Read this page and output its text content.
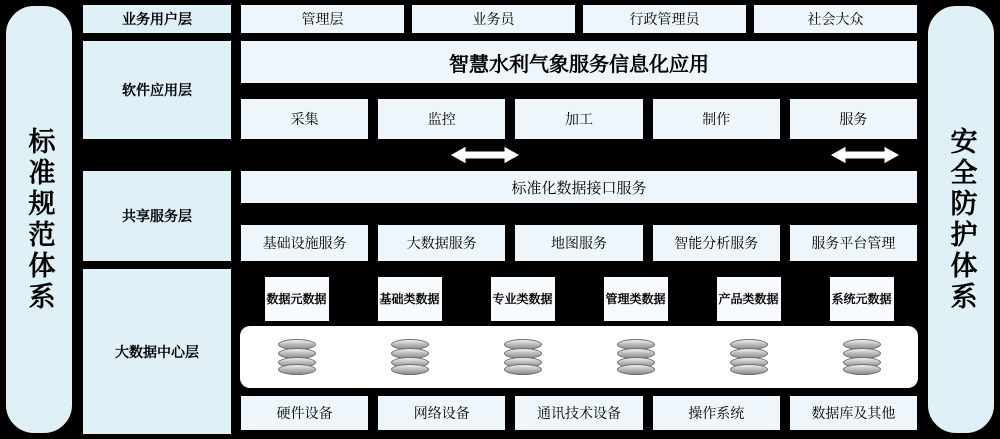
标准规范体系	安全防护体系
业务用户层	管理层	业务员	行政管理员	社会大众
软件应用层
智慧水利气象服务信息化应用
采集	监控	加工	制作	服务
共享服务层
标准化数据接口服务
基础设施服务	大数据服务	地图服务	智能分析服务	服务平台管理
大数据中心层
数据元数据	基础类数据	专业类数据	管理类数据	产品类数据	系统元数据
硬件设备	网络设备	通讯技术设备	操作系统	数据库及其他
